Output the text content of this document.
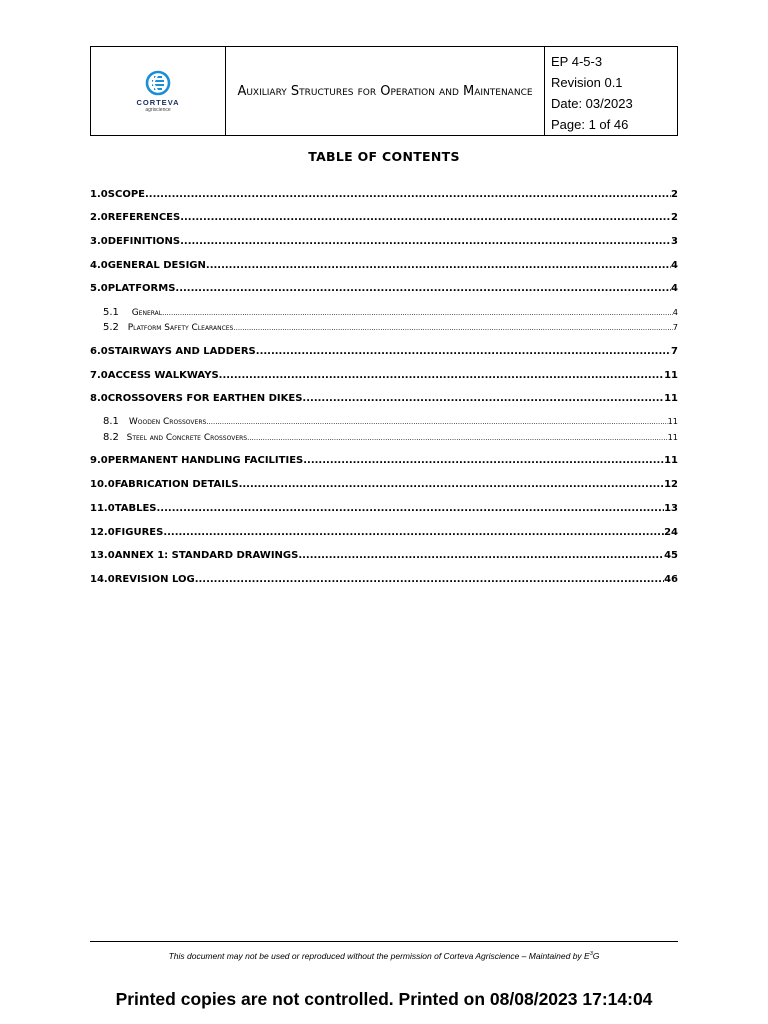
CORTEVA
agriscience
Auxiliary Structures for Operation and Maintenance
EP 4-5-3
Revision 0.1
Date: 03/2023
Page: 1 of 46
TABLE OF CONTENTS
1.0 SCOPE .....	2
2.0 REFERENCES .....	2
3.0 DEFINITIONS .....	3
4.0 GENERAL DESIGN .....	4
5.0 PLATFORMS .....	4
5.1	General .....	4
5.2 Platform Safety Clearances .....	7
6.0 STAIRWAYS AND LADDERS .....	7
7.0 ACCESS WALKWAYS .....	11
8.0 CROSSOVERS FOR EARTHEN DIKES .....	11
8.1	Wooden Crossovers .....	11
8.2 Steel and Concrete Crossovers .....	11
9.0 PERMANENT HANDLING FACILITIES .....	11
10.0 FABRICATION DETAILS .....	12
11.0 TABLES .....	13
12.0 FIGURES .....	24
13.0 ANNEX 1: STANDARD DRAWINGS .....	45
14.0 REVISION LOG .....	46
This document may not be used or reproduced without the permission of Corteva Agriscience – Maintained by $E^3G$
Printed copies are not controlled. Printed on 08/08/2023 17:14:04
